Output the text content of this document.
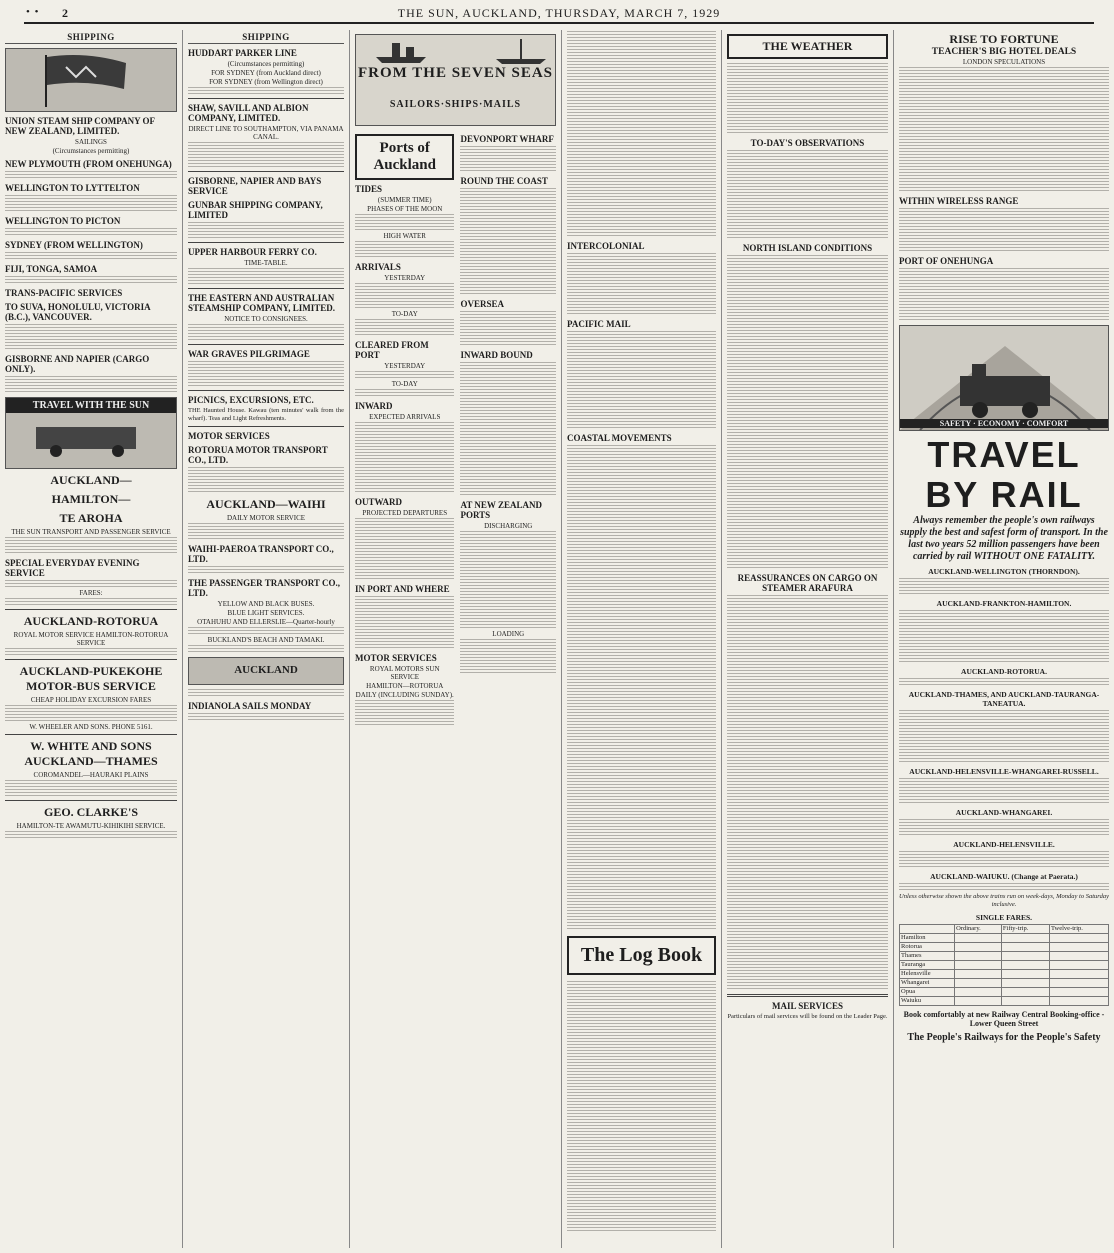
• • 2	THE SUN, AUCKLAND, THURSDAY, MARCH 7, 1929
SHIPPING
UNION STEAM SHIP COMPANY OF NEW ZEALAND, LIMITED.
SAILINGS
(Circumstances permitting)
NEW PLYMOUTH (FROM ONEHUNGA)
WELLINGTON TO LYTTELTON
WELLINGTON TO PICTON
SYDNEY (FROM WELLINGTON)
FIJI, TONGA, SAMOA
TRANS-PACIFIC SERVICES
TO SUVA, HONOLULU, VICTORIA (B.C.), VANCOUVER.
GISBORNE AND NAPIER (CARGO ONLY).
TRAVEL WITH THE SUN
AUCKLAND—
HAMILTON—
TE AROHA
THE SUN TRANSPORT AND PASSENGER SERVICE
SPECIAL EVERYDAY EVENING SERVICE
FARES:
AUCKLAND-ROTORUA
ROYAL MOTOR SERVICE HAMILTON-ROTORUA SERVICE
AUCKLAND-PUKEKOHE MOTOR-BUS SERVICE
CHEAP HOLIDAY EXCURSION FARES
W. WHEELER AND SONS. PHONE 5161.
W. WHITE AND SONS AUCKLAND—THAMES
COROMANDEL—HAURAKI PLAINS
GEO. CLARKE'S
HAMILTON-TE AWAMUTU-KIHIKIHI SERVICE.
SHIPPING
HUDDART PARKER LINE
(Circumstances permitting)
FOR SYDNEY (from Auckland direct)
FOR SYDNEY (from Wellington direct)
SHAW, SAVILL AND ALBION COMPANY, LIMITED.
DIRECT LINE TO SOUTHAMPTON, VIA PANAMA CANAL.
GISBORNE, NAPIER AND BAYS SERVICE
GUNBAR SHIPPING COMPANY, LIMITED
UPPER HARBOUR FERRY CO.
TIME-TABLE.
THE EASTERN AND AUSTRALIAN STEAMSHIP COMPANY, LIMITED.
NOTICE TO CONSIGNEES.
WAR GRAVES PILGRIMAGE
PICNICS, EXCURSIONS, ETC.
THE Haunted House. Kawau (ten minutes' walk from the wharf). Teas and Light Refreshments.
MOTOR SERVICES
ROTORUA MOTOR TRANSPORT CO., LTD.
AUCKLAND—WAIHI
DAILY MOTOR SERVICE
WAIHI-PAEROA TRANSPORT CO., LTD.
THE PASSENGER TRANSPORT CO., LTD.
YELLOW AND BLACK BUSES.
BLUE LIGHT SERVICES.
OTAHUHU AND ELLERSLIE—Quarter-hourly
BUCKLAND'S BEACH AND TAMAKI.
AUCKLAND
INDIANOLA SAILS MONDAY
FROM THE SEVEN SEAS
SAILORS·SHIPS·MAILS
Ports of Auckland
TIDES
(SUMMER TIME)
PHASES OF THE MOON
HIGH WATER
ARRIVALS
YESTERDAY
TO-DAY
CLEARED FROM PORT
YESTERDAY
TO-DAY
INWARD
EXPECTED ARRIVALS
OUTWARD
PROJECTED DEPARTURES
IN PORT AND WHERE
MOTOR SERVICES
ROYAL MOTORS SUN SERVICE
HAMILTON—ROTORUA
DAILY (INCLUDING SUNDAY).
DEVONPORT WHARF
ROUND THE COAST
OVERSEA
INWARD BOUND
AT NEW ZEALAND PORTS
DISCHARGING
LOADING
INTERCOLONIAL
PACIFIC MAIL
COASTAL MOVEMENTS
The Log Book
THE WEATHER
TO-DAY'S OBSERVATIONS
NORTH ISLAND CONDITIONS
REASSURANCES ON CARGO ON STEAMER ARAFURA
MAIL SERVICES
Particulars of mail services will be found on the Leader Page.
RISE TO FORTUNE
TEACHER'S BIG HOTEL DEALS
LONDON SPECULATIONS
WITHIN WIRELESS RANGE
PORT OF ONEHUNGA
SAFETY · ECONOMY · COMFORT
TRAVEL BY RAIL
Always remember the people's own railways supply the best and safest form of transport. In the last two years 52 million passengers have been carried by rail WITHOUT ONE FATALITY.
AUCKLAND-WELLINGTON (THORNDON).
AUCKLAND-FRANKTON-HAMILTON.
AUCKLAND-ROTORUA.
AUCKLAND-THAMES, AND AUCKLAND-TAURANGA-TANEATUA.
AUCKLAND-HELENSVILLE-WHANGAREI-RUSSELL.
AUCKLAND-WHANGAREI.
AUCKLAND-HELENSVILLE.
AUCKLAND-WAIUKU. (Change at Paerata.)
Unless otherwise shown the above trains run on week-days, Monday to Saturday inclusive.
SINGLE FARES.
	Ordinary.	Fifty-trip.	Twelve-trip.
Hamilton			
Rotorua			
Thames			
Tauranga			
Helensville			
Whangarei			
Opua			
Waiuku			
Book comfortably at new Railway Central Booking-office - Lower Queen Street
The People's Railways for the People's Safety
